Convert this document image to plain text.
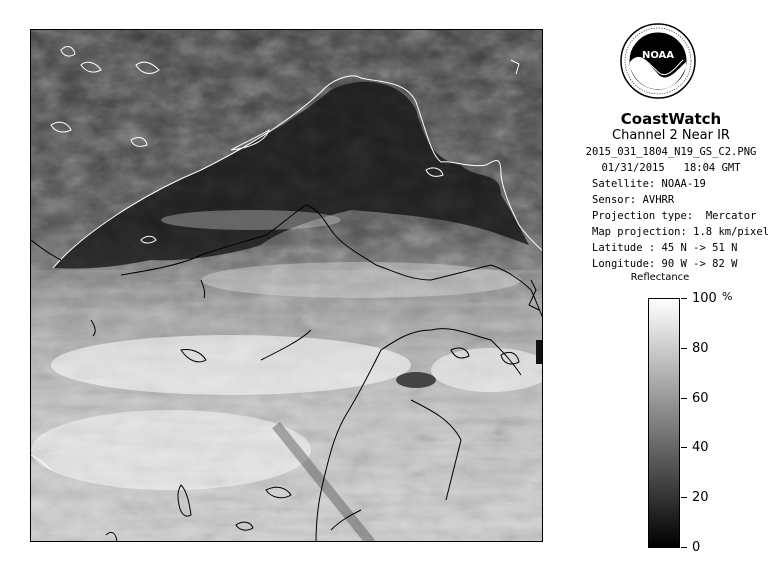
NOAA
CoastWatch
Channel 2 Near IR
2015_031_1804_N19_GS_C2.PNG
01/31/2015 18:04 GMT
Satellite: NOAA-19
Sensor: AVHRR
Projection type: Mercator
Map projection: 1.8 km/pixel
Latitude : 45 N -> 51 N
Longitude: 90 W -> 82 W
Reflectance
%
100
80
60
40
20
0
